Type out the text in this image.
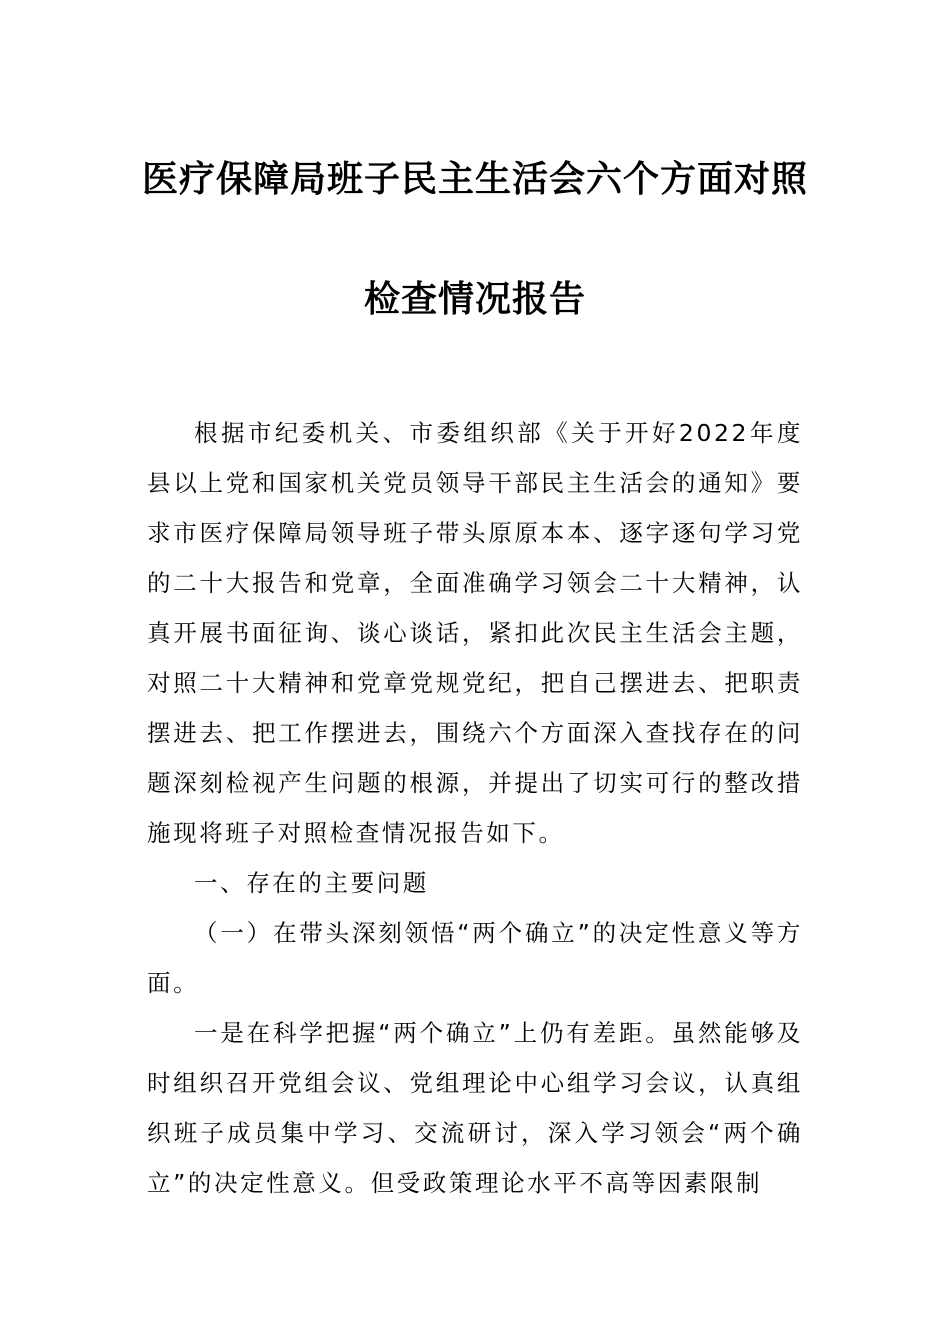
医疗保障局班子民主生活会六个方面对照
检查情况报告

根据市纪委机关、市委组织部《关于开好2022年度县以上党和国家机关党员领导干部民主生活会的通知》要求市医疗保障局领导班子带头原原本本、逐字逐句学习党的二十大报告和党章，全面准确学习领会二十大精神，认真开展书面征询、谈心谈话，紧扣此次民主生活会主题，对照二十大精神和党章党规党纪，把自己摆进去、把职责摆进去、把工作摆进去，围绕六个方面深入查找存在的问题深刻检视产生问题的根源，并提出了切实可行的整改措施现将班子对照检查情况报告如下。

一、存在的主要问题

（一）在带头深刻领悟“两个确立”的决定性意义等方面。

一是在科学把握“两个确立”上仍有差距。虽然能够及时组织召开党组会议、党组理论中心组学习会议，认真组织班子成员集中学习、交流研讨，深入学习领会“两个确立”的决定性意义。但受政策理论水平不高等因素限制
